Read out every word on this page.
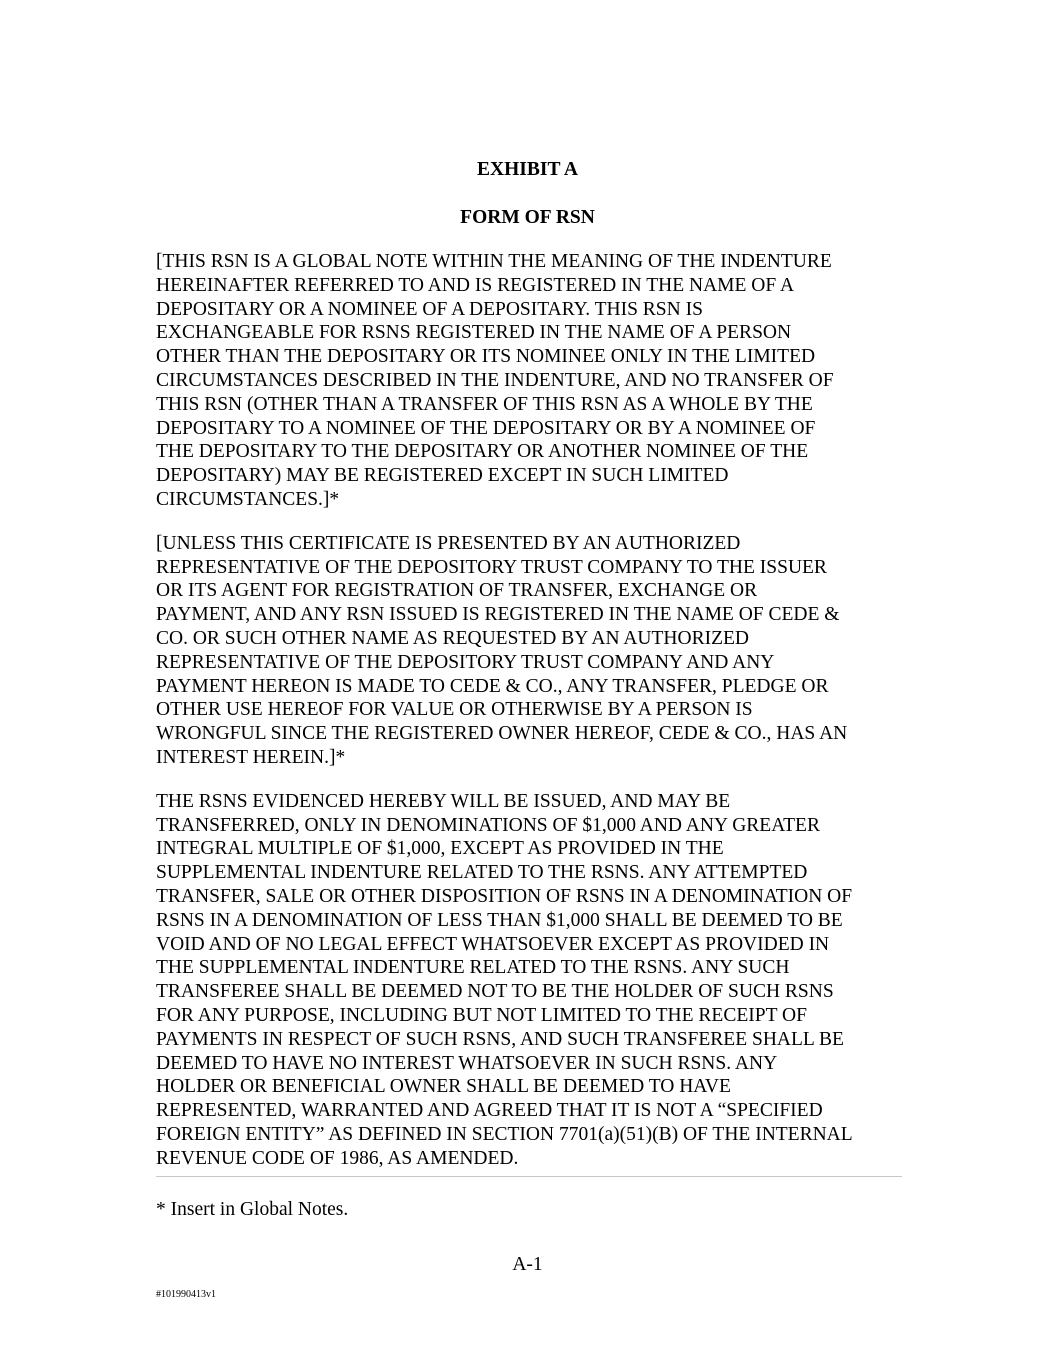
EXHIBIT A

FORM OF RSN

[THIS RSN IS A GLOBAL NOTE WITHIN THE MEANING OF THE INDENTURE
HEREINAFTER REFERRED TO AND IS REGISTERED IN THE NAME OF A
DEPOSITARY OR A NOMINEE OF A DEPOSITARY. THIS RSN IS
EXCHANGEABLE FOR RSNS REGISTERED IN THE NAME OF A PERSON
OTHER THAN THE DEPOSITARY OR ITS NOMINEE ONLY IN THE LIMITED
CIRCUMSTANCES DESCRIBED IN THE INDENTURE, AND NO TRANSFER OF
THIS RSN (OTHER THAN A TRANSFER OF THIS RSN AS A WHOLE BY THE
DEPOSITARY TO A NOMINEE OF THE DEPOSITARY OR BY A NOMINEE OF
THE DEPOSITARY TO THE DEPOSITARY OR ANOTHER NOMINEE OF THE
DEPOSITARY) MAY BE REGISTERED EXCEPT IN SUCH LIMITED
CIRCUMSTANCES.]*

[UNLESS THIS CERTIFICATE IS PRESENTED BY AN AUTHORIZED
REPRESENTATIVE OF THE DEPOSITORY TRUST COMPANY TO THE ISSUER
OR ITS AGENT FOR REGISTRATION OF TRANSFER, EXCHANGE OR
PAYMENT, AND ANY RSN ISSUED IS REGISTERED IN THE NAME OF CEDE &
CO. OR SUCH OTHER NAME AS REQUESTED BY AN AUTHORIZED
REPRESENTATIVE OF THE DEPOSITORY TRUST COMPANY AND ANY
PAYMENT HEREON IS MADE TO CEDE & CO., ANY TRANSFER, PLEDGE OR
OTHER USE HEREOF FOR VALUE OR OTHERWISE BY A PERSON IS
WRONGFUL SINCE THE REGISTERED OWNER HEREOF, CEDE & CO., HAS AN
INTEREST HEREIN.]*

THE RSNS EVIDENCED HEREBY WILL BE ISSUED, AND MAY BE
TRANSFERRED, ONLY IN DENOMINATIONS OF $1,000 AND ANY GREATER
INTEGRAL MULTIPLE OF $1,000, EXCEPT AS PROVIDED IN THE
SUPPLEMENTAL INDENTURE RELATED TO THE RSNS. ANY ATTEMPTED
TRANSFER, SALE OR OTHER DISPOSITION OF RSNS IN A DENOMINATION OF
RSNS IN A DENOMINATION OF LESS THAN $1,000 SHALL BE DEEMED TO BE
VOID AND OF NO LEGAL EFFECT WHATSOEVER EXCEPT AS PROVIDED IN
THE SUPPLEMENTAL INDENTURE RELATED TO THE RSNS. ANY SUCH
TRANSFEREE SHALL BE DEEMED NOT TO BE THE HOLDER OF SUCH RSNS
FOR ANY PURPOSE, INCLUDING BUT NOT LIMITED TO THE RECEIPT OF
PAYMENTS IN RESPECT OF SUCH RSNS, AND SUCH TRANSFEREE SHALL BE
DEEMED TO HAVE NO INTEREST WHATSOEVER IN SUCH RSNS. ANY
HOLDER OR BENEFICIAL OWNER SHALL BE DEEMED TO HAVE
REPRESENTED, WARRANTED AND AGREED THAT IT IS NOT A “SPECIFIED
FOREIGN ENTITY” AS DEFINED IN SECTION 7701(a)(51)(B) OF THE INTERNAL
REVENUE CODE OF 1986, AS AMENDED.

* Insert in Global Notes.

A-1

#101990413v1
